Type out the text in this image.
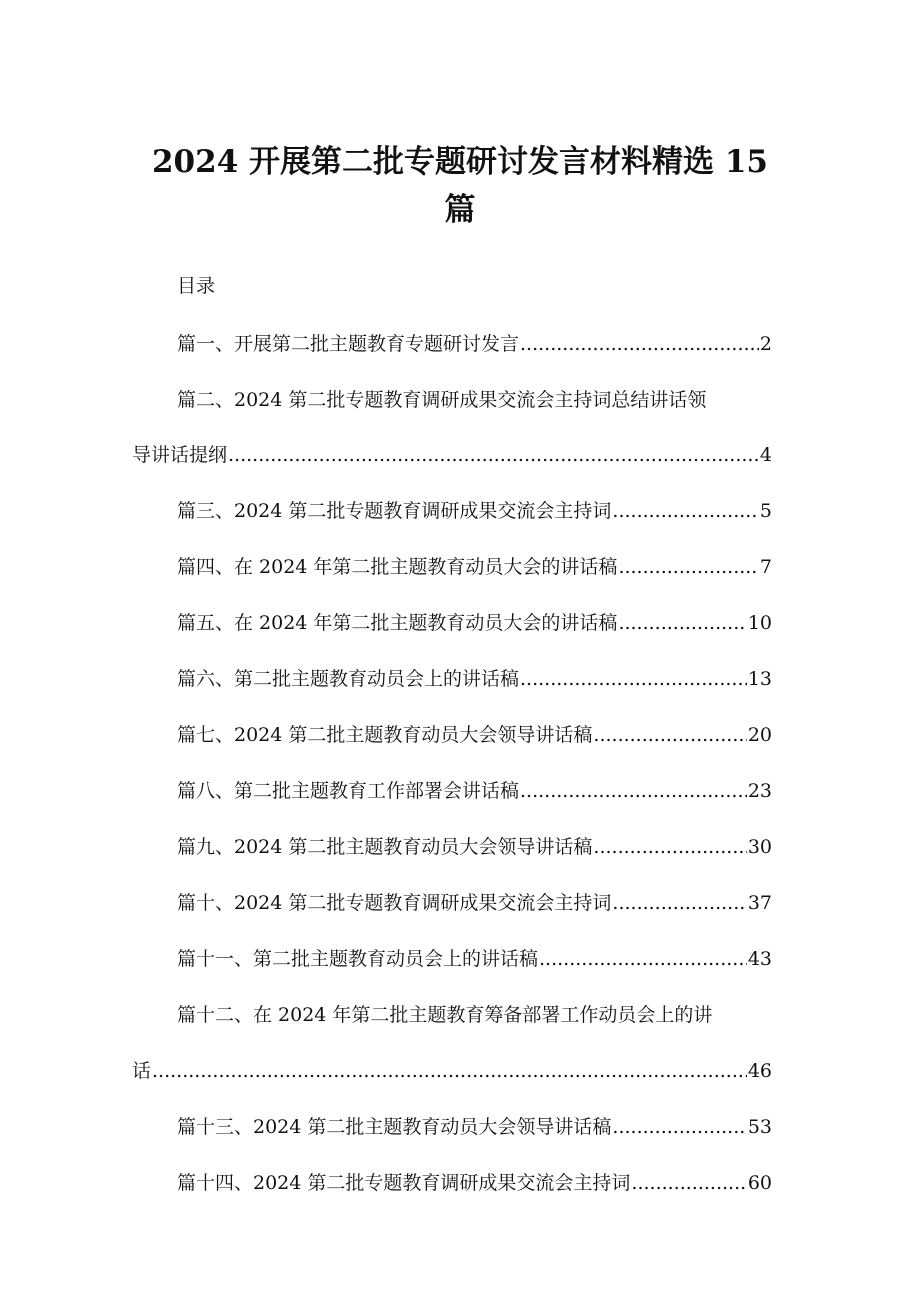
2024 开展第二批专题研讨发言材料精选 15
篇
目录
篇一、开展第二批主题教育专题研讨发言 .....	2
篇二、2024 第二批专题教育调研成果交流会主持词总结讲话领
导讲话提纲 .....	4
篇三、2024 第二批专题教育调研成果交流会主持词 .....	5
篇四、在 2024 年第二批主题教育动员大会的讲话稿 .....	7
篇五、在 2024 年第二批主题教育动员大会的讲话稿 .....	10
篇六、第二批主题教育动员会上的讲话稿 .....	13
篇七、2024 第二批主题教育动员大会领导讲话稿 .....	20
篇八、第二批主题教育工作部署会讲话稿 .....	23
篇九、2024 第二批主题教育动员大会领导讲话稿 .....	30
篇十、2024 第二批专题教育调研成果交流会主持词 .....	37
篇十一、第二批主题教育动员会上的讲话稿 .....	43
篇十二、在 2024 年第二批主题教育筹备部署工作动员会上的讲
话 .....	46
篇十三、2024 第二批主题教育动员大会领导讲话稿 .....	53
篇十四、2024 第二批专题教育调研成果交流会主持词 .....	60
